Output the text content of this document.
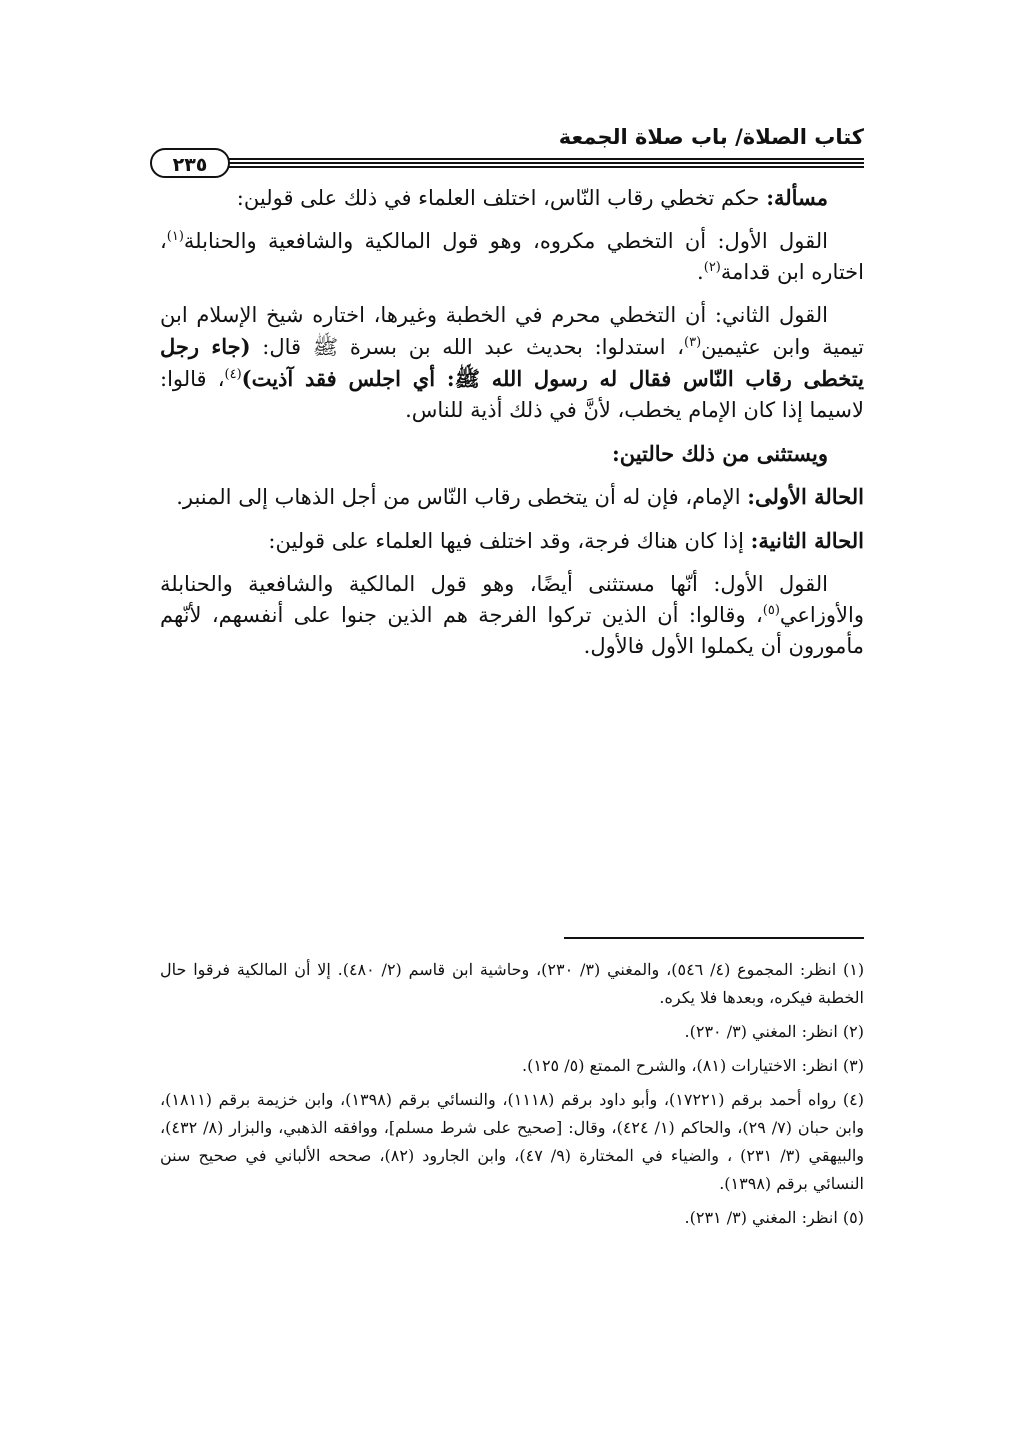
كتاب الصلاة/ باب صلاة الجمعة
٢٣٥

مسألة: حكم تخطي رقاب النّاس، اختلف العلماء في ذلك على قولين:

القول الأول: أن التخطي مكروه، وهو قول المالكية والشافعية والحنابلة$^{(١)}$، اختاره ابن قدامة$^{(٢)}$.

القول الثاني: أن التخطي محرم في الخطبة وغيرها، اختاره شيخ الإسلام ابن تيمية وابن عثيمين$^{(٣)}$، استدلوا: بحديث عبد الله بن بسرة ﷺ قال: (جاء رجل يتخطى رقاب النّاس فقال له رسول الله ﷺ: أي اجلس فقد آذيت)$^{(٤)}$، قالوا: لاسيما إذا كان الإمام يخطب، لأنَّ في ذلك أذية للناس.

ويستثنى من ذلك حالتين:

الحالة الأولى: الإمام، فإن له أن يتخطى رقاب النّاس من أجل الذهاب إلى المنبر.

الحالة الثانية: إذا كان هناك فرجة، وقد اختلف فيها العلماء على قولين:

القول الأول: أنّها مستثنى أيضًا، وهو قول المالكية والشافعية والحنابلة والأوزاعي$^{(٥)}$، وقالوا: أن الذين تركوا الفرجة هم الذين جنوا على أنفسهم، لأنّهم مأمورون أن يكملوا الأول فالأول.

(١) انظر: المجموع (٤/ ٥٤٦)، والمغني (٣/ ٢٣٠)، وحاشية ابن قاسم (٢/ ٤٨٠). إلا أن المالكية فرقوا حال الخطبة فيكره، وبعدها فلا يكره.

(٢) انظر: المغني (٣/ ٢٣٠).

(٣) انظر: الاختيارات (٨١)، والشرح الممتع (٥/ ١٢٥).

(٤) رواه أحمد برقم (١٧٢٢١)، وأبو داود برقم (١١١٨)، والنسائي برقم (١٣٩٨)، وابن خزيمة برقم (١٨١١)، وابن حبان (٧/ ٢٩)، والحاكم (١/ ٤٢٤)، وقال: [صحيح على شرط مسلم]، ووافقه الذهبي، والبزار (٨/ ٤٣٢)، والبيهقي (٣/ ٢٣١) ، والضياء في المختارة (٩/ ٤٧)، وابن الجارود (٨٢)، صححه الألباني في صحيح سنن النسائي برقم (١٣٩٨).

(٥) انظر: المغني (٣/ ٢٣١).
